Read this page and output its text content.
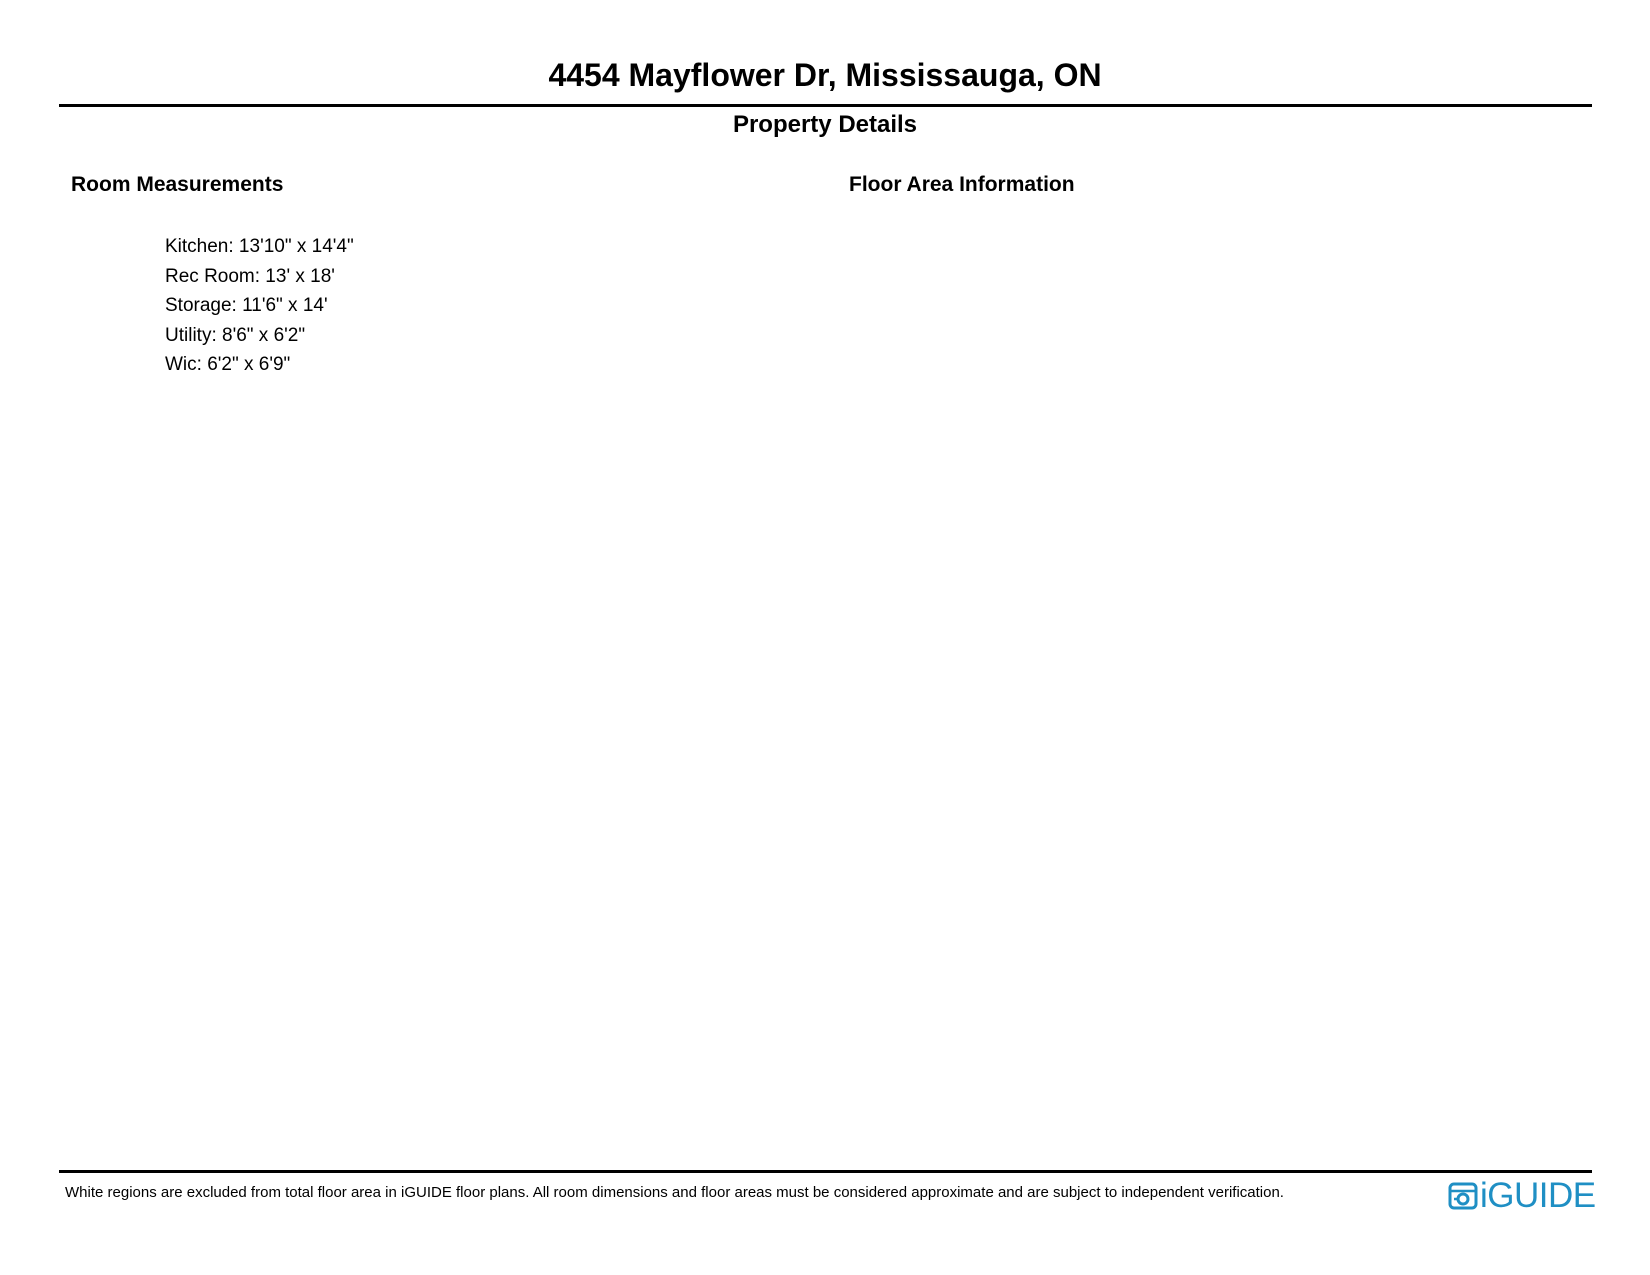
4454 Mayflower Dr, Mississauga, ON
Property Details
Room Measurements	Floor Area Information
Kitchen: 13'10" x 14'4"
Rec Room: 13' x 18'
Storage: 11'6" x 14'
Utility: 8'6" x 6'2"
Wic: 6'2" x 6'9"
White regions are excluded from total floor area in iGUIDE floor plans. All room dimensions and floor areas must be considered approximate and are subject to independent verification.	iGUIDE
